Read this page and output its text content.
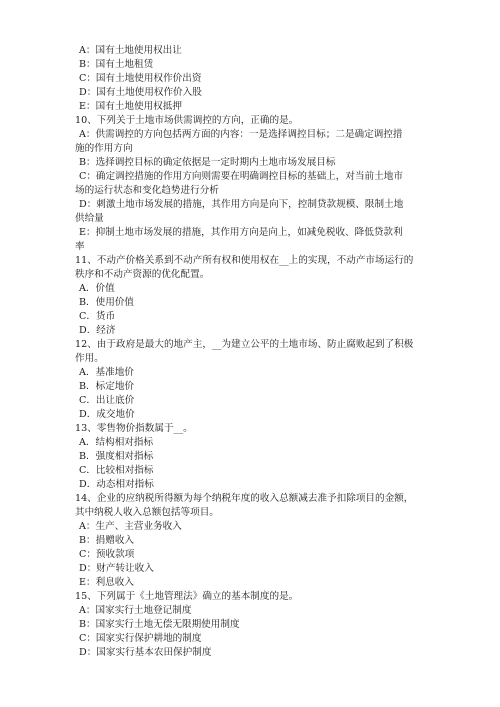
A：国有土地使用权出让
B：国有土地租赁
C：国有土地使用权作价出资
D：国有土地使用权作价入股
E：国有土地使用权抵押
10、下列关于土地市场供需调控的方向，正确的是。
A：供需调控的方向包括两方面的内容：一是选择调控目标；二是确定调控措
施的作用方向
B：选择调控目标的确定依据是一定时期内土地市场发展目标
C：确定调控措施的作用方向则需要在明确调控目标的基础上，对当前土地市
场的运行状态和变化趋势进行分析
D：刺激土地市场发展的措施，其作用方向是向下，控制贷款规模、限制土地
供给量
E：抑制土地市场发展的措施，其作用方向是向上，如减免税收、降低贷款利
率
11、不动产价格关系到不动产所有权和使用权在__上的实现，不动产市场运行的
秩序和不动产资源的优化配置。
A．价值
B．使用价值
C．货币
D．经济
12、由于政府是最大的地产主，__为建立公平的土地市场、防止腐败起到了积极
作用。
A．基准地价
B．标定地价
C．出让底价
D．成交地价
13、零售物价指数属于__。
A．结构相对指标
B．强度相对指标
C．比较相对指标
D．动态相对指标
14、企业的应纳税所得额为每个纳税年度的收入总额减去准予扣除项目的金额，
其中纳税人收入总额包括等项目。
A：生产、主营业务收入
B：捐赠收入
C：预收款项
D：财产转让收入
E：利息收入
15、下列属于《土地管理法》确立的基本制度的是。
A：国家实行土地登记制度
B：国家实行土地无偿无限期使用制度
C：国家实行保护耕地的制度
D：国家实行基本农田保护制度
